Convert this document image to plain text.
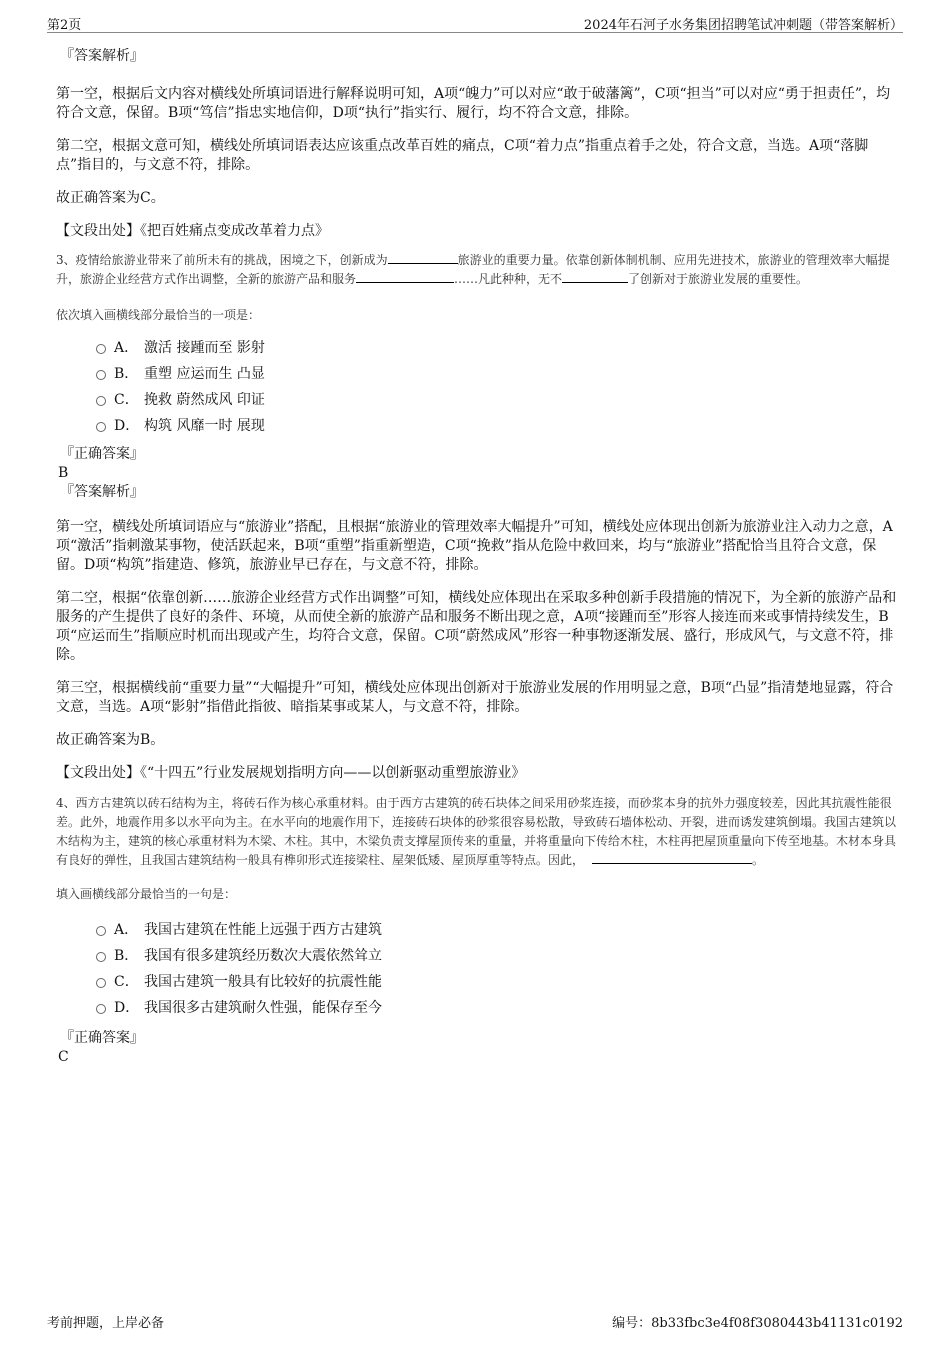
第2页	2024年石河子水务集团招聘笔试冲刺题（带答案解析）

『答案解析』

第一空，根据后文内容对横线处所填词语进行解释说明可知，A项“魄力”可以对应“敢于破藩篱”，C项“担当”可以对应“勇于担责任”，均符合文意，保留。B项“笃信”指忠实地信仰，D项“执行”指实行、履行，均不符合文意，排除。

第二空，根据文意可知，横线处所填词语表达应该重点改革百姓的痛点，C项“着力点”指重点着手之处，符合文意，当选。A项“落脚点”指目的，与文意不符，排除。

故正确答案为C。

【文段出处】《把百姓痛点变成改革着力点》

3、疫情给旅游业带来了前所未有的挑战，困境之下，创新成为	旅游业的重要力量。依靠创新体制机制、应用先进技术，旅游业的管理效率大幅提升，旅游企业经营方式作出调整，全新的旅游产品和服务	……凡此种种，无不	了创新对于旅游业发展的重要性。

依次填入画横线部分最恰当的一项是：

A． 激活 接踵而至 影射
B． 重塑 应运而生 凸显
C． 挽救 蔚然成风 印证
D． 构筑 风靡一时 展现

『正确答案』

B

『答案解析』

第一空，横线处所填词语应与“旅游业”搭配，且根据“旅游业的管理效率大幅提升”可知，横线处应体现出创新为旅游业注入动力之意，A项“激活”指刺激某事物，使活跃起来，B项“重塑”指重新塑造，C项“挽救”指从危险中救回来，均与“旅游业”搭配恰当且符合文意，保留。D项“构筑”指建造、修筑，旅游业早已存在，与文意不符，排除。

第二空，根据“依靠创新……旅游企业经营方式作出调整”可知，横线处应体现出在采取多种创新手段措施的情况下，为全新的旅游产品和服务的产生提供了良好的条件、环境，从而使全新的旅游产品和服务不断出现之意，A项“接踵而至”形容人接连而来或事情持续发生，B项“应运而生”指顺应时机而出现或产生，均符合文意，保留。C项“蔚然成风”形容一种事物逐渐发展、盛行，形成风气，与文意不符，排除。

第三空，根据横线前“重要力量”“大幅提升”可知，横线处应体现出创新对于旅游业发展的作用明显之意，B项“凸显”指清楚地显露，符合文意，当选。A项“影射”指借此指彼、暗指某事或某人，与文意不符，排除。

故正确答案为B。

【文段出处】《“十四五”行业发展规划指明方向——以创新驱动重塑旅游业》

4、西方古建筑以砖石结构为主，将砖石作为核心承重材料。由于西方古建筑的砖石块体之间采用砂浆连接，而砂浆本身的抗外力强度较差，因此其抗震性能很差。此外，地震作用多以水平向为主。在水平向的地震作用下，连接砖石块体的砂浆很容易松散，导致砖石墙体松动、开裂，进而诱发建筑倒塌。我国古建筑以木结构为主，建筑的核心承重材料为木梁、木柱。其中，木梁负责支撑屋顶传来的重量，并将重量向下传给木柱，木柱再把屋顶重量向下传至地基。木材本身具有良好的弹性，且我国古建筑结构一般具有榫卯形式连接梁柱、屋架低矮、屋顶厚重等特点。因此，	。

填入画横线部分最恰当的一句是：

A． 我国古建筑在性能上远强于西方古建筑
B． 我国有很多建筑经历数次大震依然耸立
C． 我国古建筑一般具有比较好的抗震性能
D． 我国很多古建筑耐久性强，能保存至今

『正确答案』

C

考前押题，上岸必备	编号：8b33fbc3e4f08f3080443b41131c0192
